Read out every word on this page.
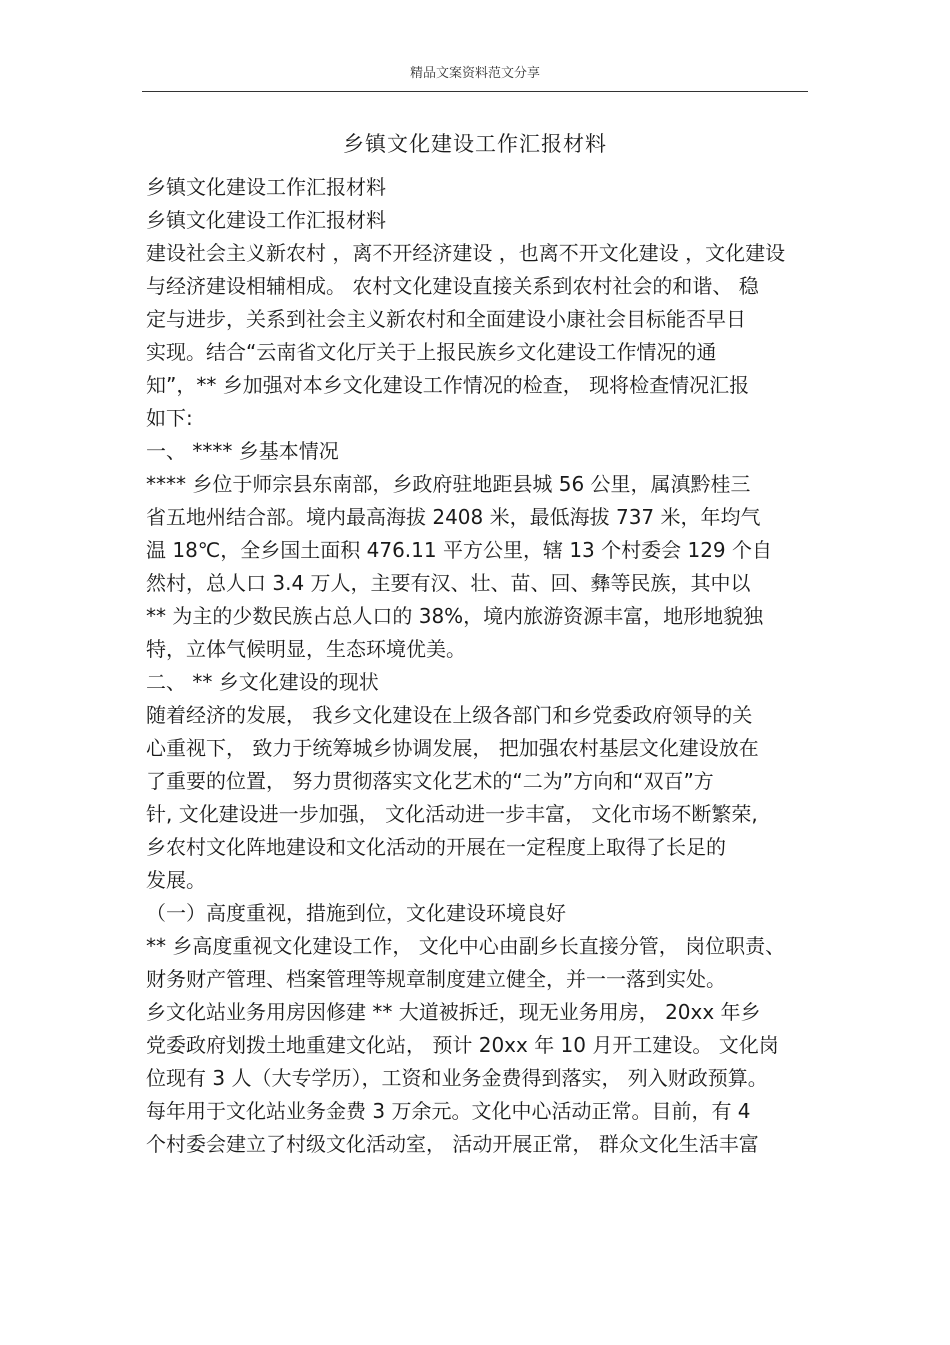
精品文案资料范文分享
乡镇文化建设工作汇报材料
乡镇文化建设工作汇报材料
乡镇文化建设工作汇报材料
建设社会主义新农村 ，离不开经济建设 ，也离不开文化建设 ，文化建设
与经济建设相辅相成。 农村文化建设直接关系到农村社会的和谐、 稳
定与进步，关系到社会主义新农村和全面建设小康社会目标能否早日
实现。结合“云南省文化厅关于上报民族乡文化建设工作情况的通
知”，** 乡加强对本乡文化建设工作情况的检查， 现将检查情况汇报
如下:
一、 **** 乡基本情况
**** 乡位于师宗县东南部，乡政府驻地距县城 56 公里，属滇黔桂三
省五地州结合部。境内最高海拔 2408 米，最低海拔 737 米，年均气
温 18℃，全乡国土面积 476.11 平方公里，辖 13 个村委会 129 个自
然村，总人口 3.4 万人，主要有汉、壮、苗、回、彝等民族，其中以
** 为主的少数民族占总人口的 38%，境内旅游资源丰富，地形地貌独
特，立体气候明显，生态环境优美。
二、 ** 乡文化建设的现状
随着经济的发展， 我乡文化建设在上级各部门和乡党委政府领导的关
心重视下， 致力于统筹城乡协调发展， 把加强农村基层文化建设放在
了重要的位置， 努力贯彻落实文化艺术的“二为”方向和“双百”方
针, 文化建设进一步加强， 文化活动进一步丰富， 文化市场不断繁荣,
乡农村文化阵地建设和文化活动的开展在一定程度上取得了长足的
发展。
（一）高度重视，措施到位，文化建设环境良好
** 乡高度重视文化建设工作， 文化中心由副乡长直接分管， 岗位职责、
财务财产管理、档案管理等规章制度建立健全，并一一落到实处。
乡文化站业务用房因修建 ** 大道被拆迁，现无业务用房， 20xx 年乡
党委政府划拨土地重建文化站， 预计 20xx 年 10 月开工建设。 文化岗
位现有 3 人（大专学历），工资和业务金费得到落实， 列入财政预算。
每年用于文化站业务金费 3 万余元。文化中心活动正常。目前，有 4
个村委会建立了村级文化活动室， 活动开展正常， 群众文化生活丰富
